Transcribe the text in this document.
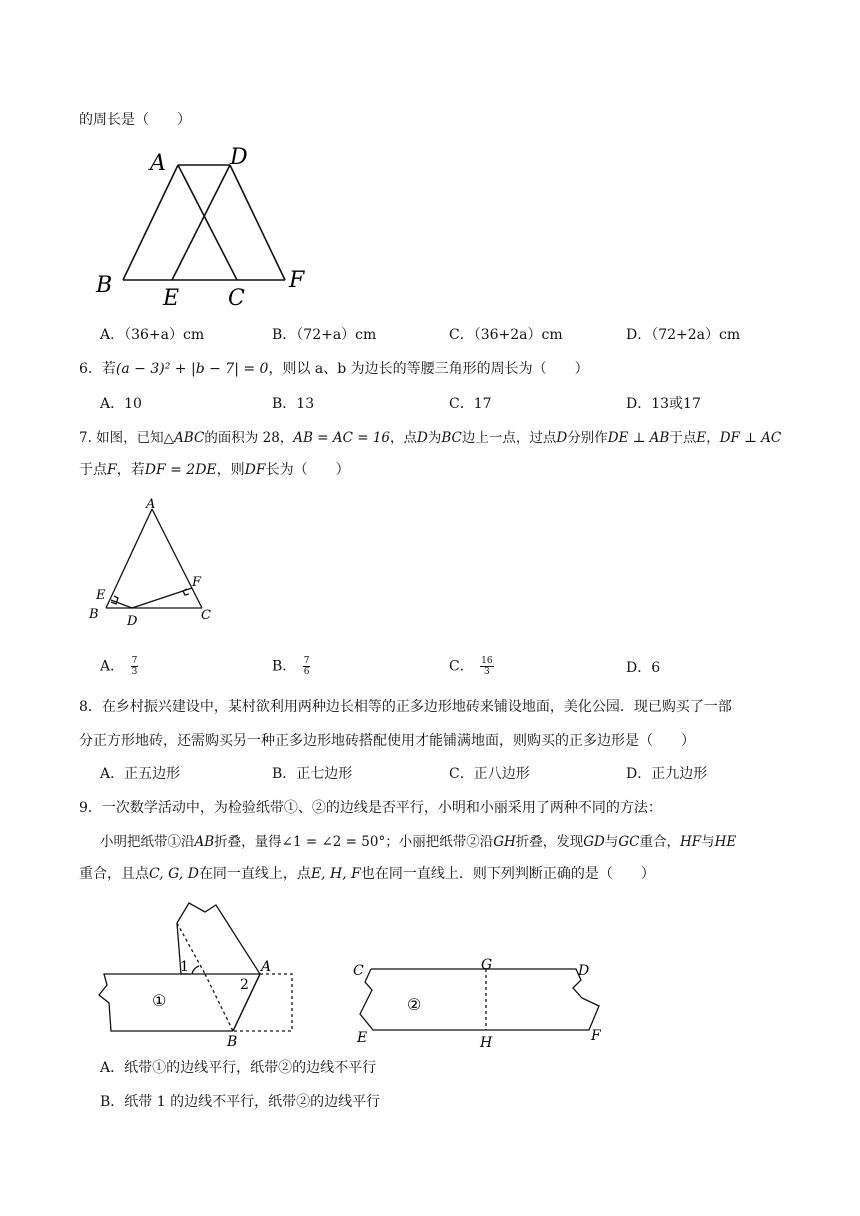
的周长是（　　）
A	D
B
E C
F
A．（36+a）cm	B．（72+a）cm	C．（36+2a）cm	D．（72+2a）cm
6．若(a − 3)² + |b − 7| = 0，则以 a、b 为边长的等腰三角形的周长为（　　）
A．10	B．13	C．17	D．13或17
7. 如图，已知△ABC的面积为 28，AB = AC = 16，点D为BC边上一点，过点D分别作DE ⊥ AB于点E，DF ⊥ AC
于点F，若DF = 2DE，则DF长为（　　）
A
E
B D
F
C
A． $\frac{7}{3}$	B． $\frac{7}{6}$	C． $\frac{16}{3}$	D．6
8．在乡村振兴建设中，某村欲利用两种边长相等的正多边形地砖来铺设地面，美化公园．现已购买了一部
分正方形地砖，还需购买另一种正多边形地砖搭配使用才能铺满地面，则购买的正多边形是（　　）
A．正五边形	B．正七边形	C．正八边形	D．正九边形
9．一次数学活动中，为检验纸带①、②的边线是否平行，小明和小丽采用了两种不同的方法：
小明把纸带①沿AB折叠，量得∠1 = ∠2 = 50°；小丽把纸带②沿GH折叠，发现GD与GC重合，HF与HE
重合，且点C, G, D在同一直线上，点E, H, F也在同一直线上．则下列判断正确的是（　　）
1
2
A
B
①
C	G	D
E	H	F
②
A．纸带①的边线平行，纸带②的边线不平行
B．纸带 1 的边线不平行，纸带②的边线平行
